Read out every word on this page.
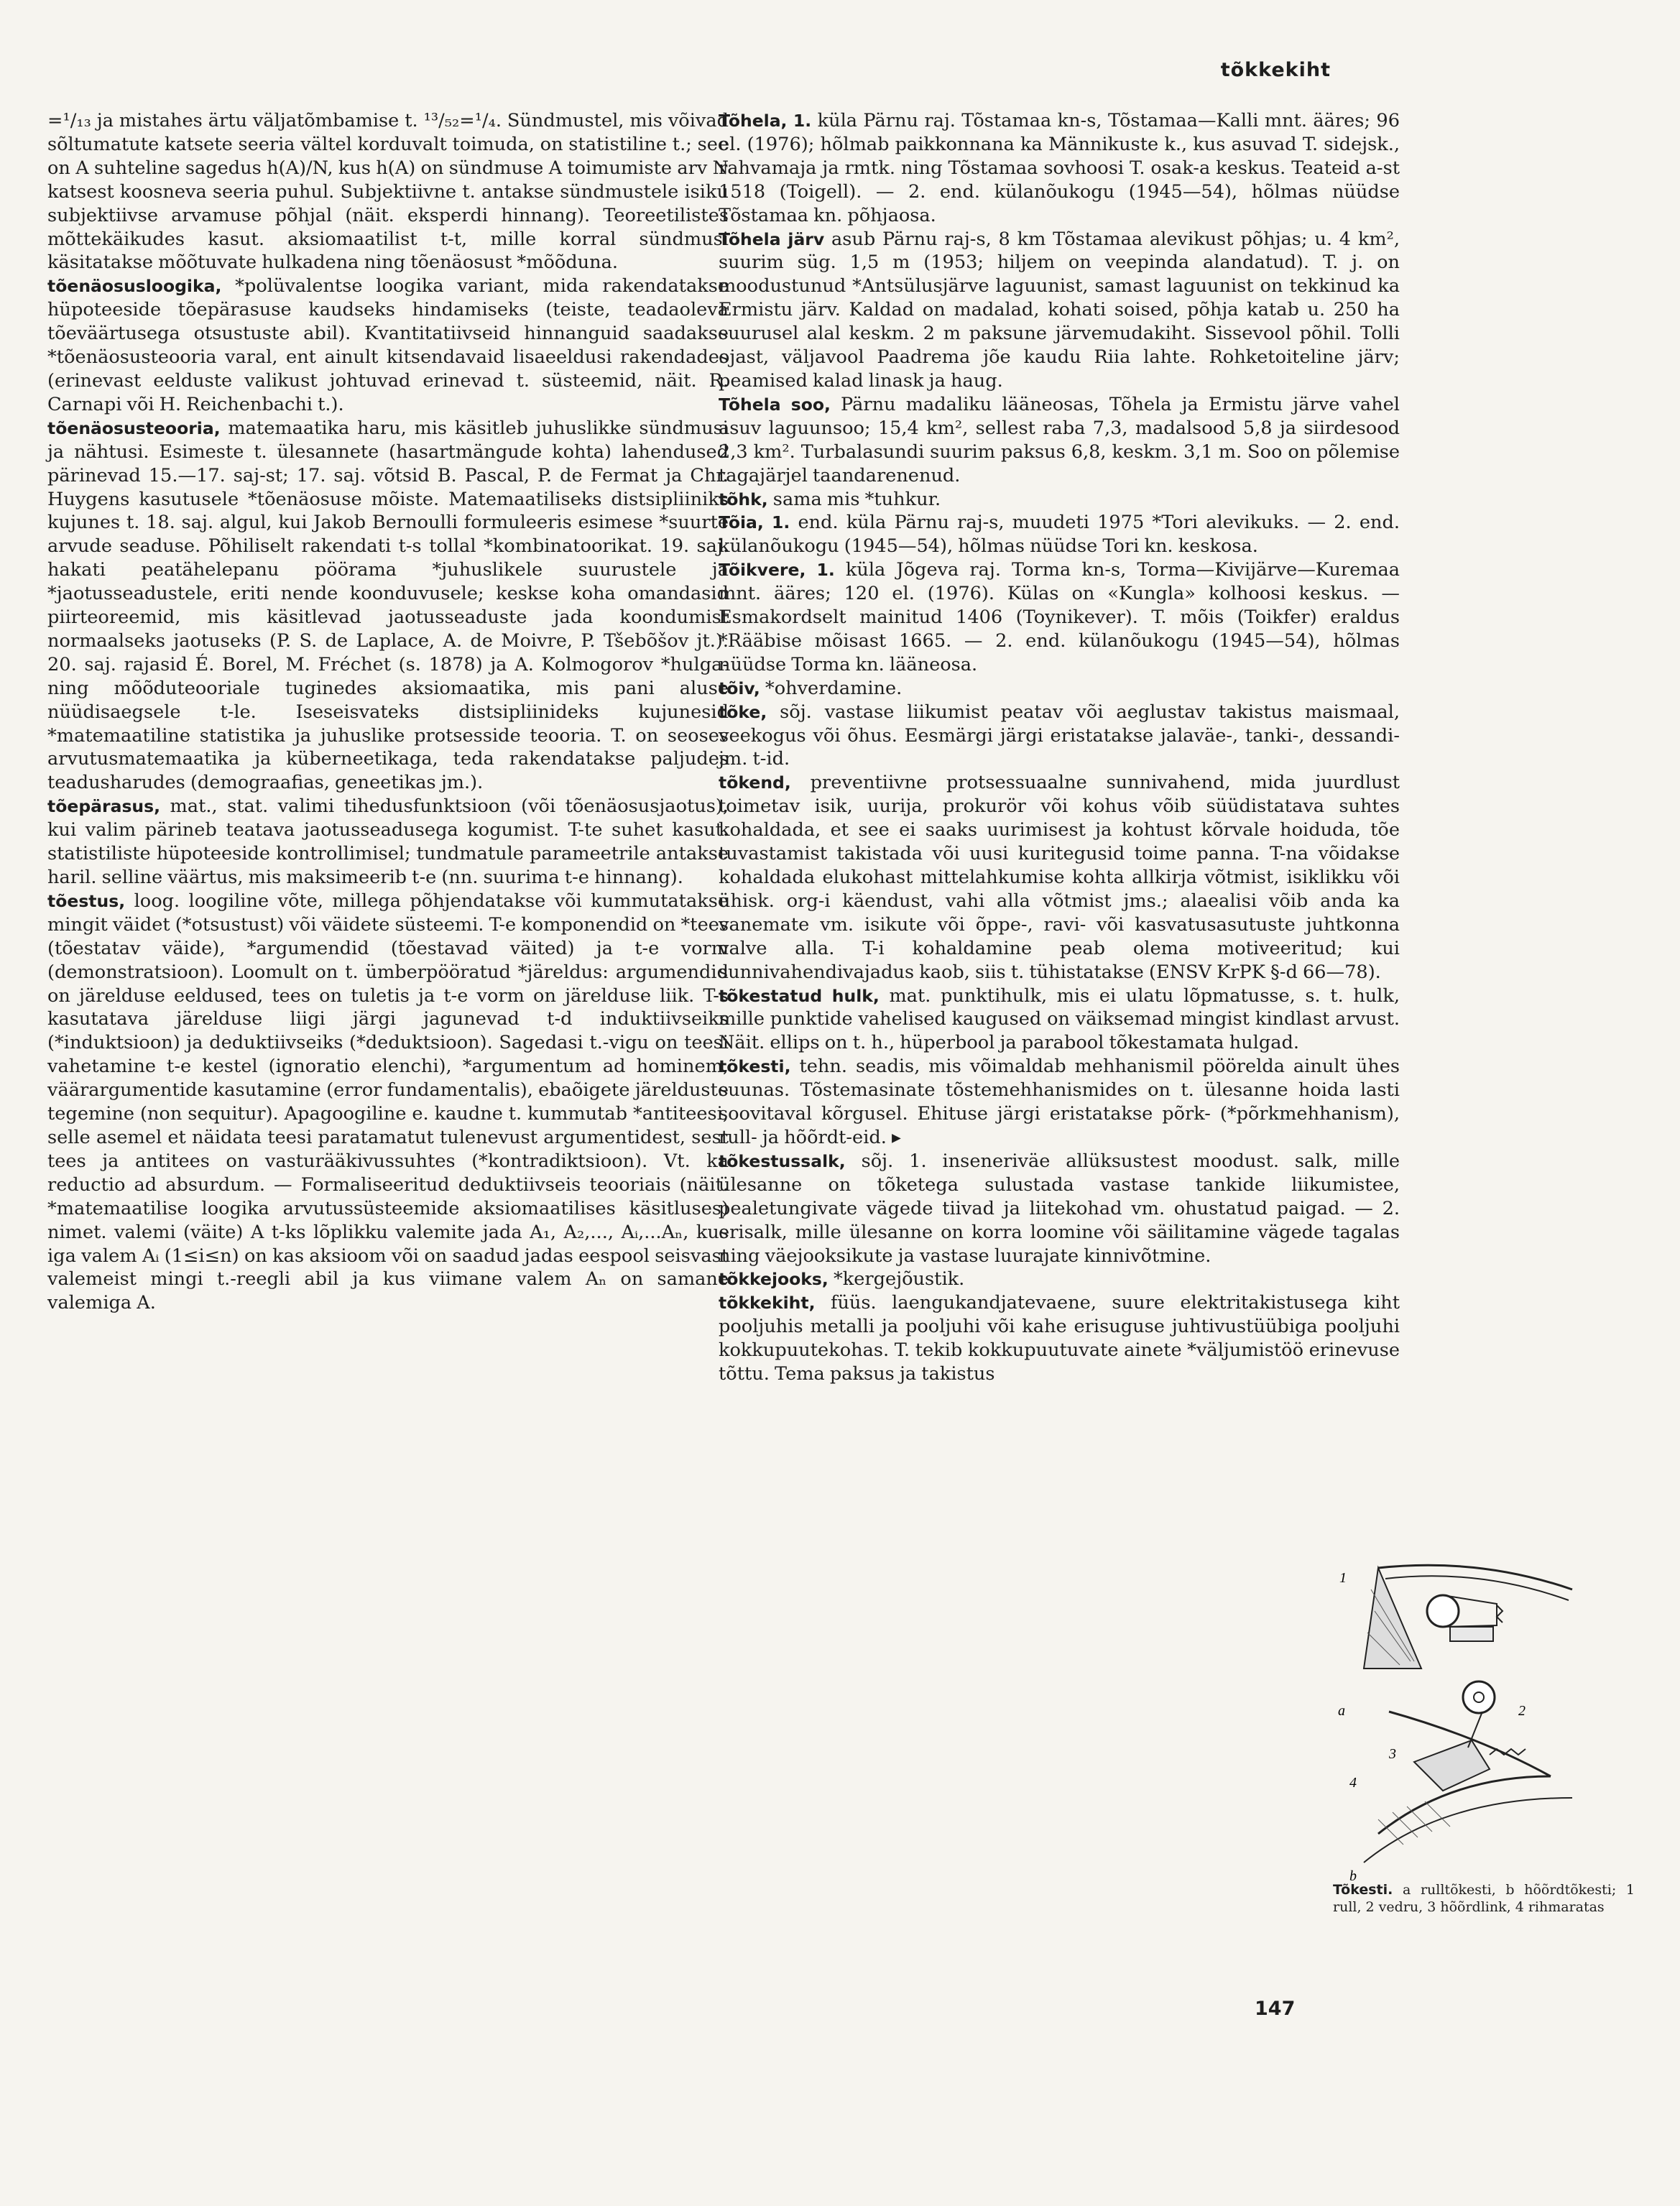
tõkkekiht

=¹/₁₃ ja mistahes ärtu väljatõmbamise t. ¹³/₅₂=¹/₄. Sündmustel, mis võivad sõltumatute katsete seeria vältel korduvalt toimuda, on statistiline t.; see on A suhteline sagedus h(A)/N, kus h(A) on sündmuse A toimumiste arv N katsest koosneva seeria puhul. Subjektiivne t. antakse sündmustele isiku subjektiivse arvamuse põhjal (näit. eksperdi hinnang). Teoreetilistes mõttekäikudes kasut. aksiomaatilist t-t, mille korral sündmusi käsitatakse mõõtuvate hulkadena ning tõenäosust *mõõduna.

tõenäosusloogika, *polüvalentse loogika variant, mida rakendatakse hüpoteeside tõepärasuse kaudseks hindamiseks (teiste, teadaoleva tõeväärtusega otsustuste abil). Kvantitatiivseid hinnanguid saadakse *tõenäosusteooria varal, ent ainult kitsendavaid lisaeeldusi rakendades (erinevast eelduste valikust johtuvad erinevad t. süsteemid, näit. R. Carnapi või H. Reichenbachi t.).

tõenäosusteooria, matemaatika haru, mis käsitleb juhuslikke sündmusi ja nähtusi. Esimeste t. ülesannete (hasartmängude kohta) lahendused pärinevad 15.—17. saj-st; 17. saj. võtsid B. Pascal, P. de Fermat ja Chr. Huygens kasutusele *tõenäosuse mõiste. Matemaatiliseks distsipliiniks kujunes t. 18. saj. algul, kui Jakob Bernoulli formuleeris esimese *suurte arvude seaduse. Põhiliselt rakendati t-s tollal *kombinatoorikat. 19. saj. hakati peatähelepanu pöörama *juhuslikele suurustele ja *jaotusseadustele, eriti nende koonduvusele; keskse koha omandasid piirteoreemid, mis käsitlevad jaotusseaduste jada koondumist normaalseks jaotuseks (P. S. de Laplace, A. de Moivre, P. Tšebõšov jt.). 20. saj. rajasid É. Borel, M. Fréchet (s. 1878) ja A. Kolmogorov *hulga- ning mõõduteooriale tuginedes aksiomaatika, mis pani aluse nüüdisaegsele t-le. Iseseisvateks distsipliinideks kujunesid *matemaatiline statistika ja juhuslike protsesside teooria. T. on seoses arvutusmatemaatika ja küberneetikaga, teda rakendatakse paljudes teadusharudes (demograafias, geneetikas jm.).

tõepärasus, mat., stat. valimi tihedusfunktsioon (või tõenäosusjaotus), kui valim pärineb teatava jaotusseadusega kogumist. T-te suhet kasut. statistiliste hüpoteeside kontrollimisel; tundmatule parameetrile antakse haril. selline väärtus, mis maksimeerib t-e (nn. suurima t-e hinnang).

tõestus, loog. loogiline võte, millega põhjendatakse või kummutatakse mingit väidet (*otsustust) või väidete süsteemi. T-e komponendid on *tees (tõestatav väide), *argumendid (tõestavad väited) ja t-e vorm (demonstratsioon). Loomult on t. ümberpööratud *järeldus: argumendid on järelduse eeldused, tees on tuletis ja t-e vorm on järelduse liik. T-s kasutatava järelduse liigi järgi jagunevad t-d induktiivseiks (*induktsioon) ja deduktiivseiks (*deduktsioon). Sagedasi t.-vigu on teesi vahetamine t-e kestel (ignoratio elenchi), *argumentum ad hominem, väärargumentide kasutamine (error fundamentalis), ebaõigete järelduste tegemine (non sequitur). Apagoogiline e. kaudne t. kummutab *antiteesi, selle asemel et näidata teesi paratamatut tulenevust argumentidest, sest tees ja antitees on vasturääkivussuhtes (*kontradiktsioon). Vt. ka reductio ad absurdum. — Formaliseeritud deduktiivseis teooriais (näit. *matemaatilise loogika arvutussüsteemide aksiomaatilises käsitluses) nimet. valemi (väite) A t-ks lõplikku valemite jada A₁, A₂,..., Aᵢ,...Aₙ, kus iga valem Aᵢ (1≤i≤n) on kas aksioom või on saadud jadas eespool seisvast valemeist mingi t.-reegli abil ja kus viimane valem Aₙ on samane valemiga A.

Tõhela, 1. küla Pärnu raj. Tõstamaa kn-s, Tõstamaa—Kalli mnt. ääres; 96 el. (1976); hõlmab paikkonnana ka Männikuste k., kus asuvad T. sidejsk., rahvamaja ja rmtk. ning Tõstamaa sovhoosi T. osak-a keskus. Teateid a-st 1518 (Toigell). — 2. end. külanõukogu (1945—54), hõlmas nüüdse Tõstamaa kn. põhjaosa.

Tõhela järv asub Pärnu raj-s, 8 km Tõstamaa alevikust põhjas; u. 4 km², suurim süg. 1,5 m (1953; hiljem on veepinda alandatud). T. j. on moodustunud *Antsülusjärve laguunist, samast laguunist on tekkinud ka Ermistu järv. Kaldad on madalad, kohati soised, põhja katab u. 250 ha suurusel alal keskm. 2 m paksune järvemudakiht. Sissevool põhil. Tolli ojast, väljavool Paadrema jõe kaudu Riia lahte. Rohketoiteline järv; peamised kalad linask ja haug.

Tõhela soo, Pärnu madaliku lääneosas, Tõhela ja Ermistu järve vahel asuv laguunsoo; 15,4 km², sellest raba 7,3, madalsood 5,8 ja siirdesood 2,3 km². Turbalasundi suurim paksus 6,8, keskm. 3,1 m. Soo on põlemise tagajärjel taandarenenud.

tõhk, sama mis *tuhkur.

Tõia, 1. end. küla Pärnu raj-s, muudeti 1975 *Tori alevikuks. — 2. end. külanõukogu (1945—54), hõlmas nüüdse Tori kn. keskosa.

Tõikvere, 1. küla Jõgeva raj. Torma kn-s, Torma—Kivijärve—Kuremaa mnt. ääres; 120 el. (1976). Külas on «Kungla» kolhoosi keskus. — Esmakordselt mainitud 1406 (Toynikever). T. mõis (Toikfer) eraldus *Rääbise mõisast 1665. — 2. end. külanõukogu (1945—54), hõlmas nüüdse Torma kn. lääneosa.

tõiv, *ohverdamine.

tõke, sõj. vastase liikumist peatav või aeglustav takistus maismaal, veekogus või õhus. Eesmärgi järgi eristatakse jalaväe-, tanki-, dessandi- jm. t-id.

tõkend, preventiivne protsessuaalne sunnivahend, mida juurdlust toimetav isik, uurija, prokurör või kohus võib süüdistatava suhtes kohaldada, et see ei saaks uurimisest ja kohtust kõrvale hoiduda, tõe tuvastamist takistada või uusi kuritegusid toime panna. T-na võidakse kohaldada elukohast mittelahkumise kohta allkirja võtmist, isiklikku või ühisk. org-i käendust, vahi alla võtmist jms.; alaealisi võib anda ka vanemate vm. isikute või õppe-, ravi- või kasvatusasutuste juhtkonna valve alla. T-i kohaldamine peab olema motiveeritud; kui sunnivahendivajadus kaob, siis t. tühistatakse (ENSV KrPK §-d 66—78).

tõkestatud hulk, mat. punktihulk, mis ei ulatu lõpmatusse, s. t. hulk, mille punktide vahelised kaugused on väiksemad mingist kindlast arvust. Näit. ellips on t. h., hüperbool ja parabool tõkestamata hulgad.

tõkesti, tehn. seadis, mis võimaldab mehhanismil pöörelda ainult ühes suunas. Tõstemasinate tõstemehhanismides on t. ülesanne hoida lasti soovitaval kõrgusel. Ehituse järgi eristatakse põrk- (*põrkmehhanism), rull- ja hõõrdt-eid. ▸

tõkestussalk, sõj. 1. inseneriväe allüksustest moodust. salk, mille ülesanne on tõketega sulustada vastase tankide liikumistee, pealetungivate vägede tiivad ja liitekohad vm. ohustatud paigad. — 2. erisalk, mille ülesanne on korra loomine või säilitamine vägede tagalas ning väejooksikute ja vastase luurajate kinnivõtmine.

tõkkejooks, *kergejõustik.

tõkkekiht, füüs. laengukandjatevaene, suure elektritakistusega kiht pooljuhis metalli ja pooljuhi või kahe erisuguse juhtivustüübiga pooljuhi kokkupuutekohas. T. tekib kokkupuutuvate ainete *väljumistöö erinevuse tõttu. Tema paksus ja takistus

1
a	2
3
4
b
Tõkesti. a rulltõkesti, b hõõrdtõkesti; 1 rull, 2 vedru, 3 hõõrdlink, 4 rihmaratas
147
